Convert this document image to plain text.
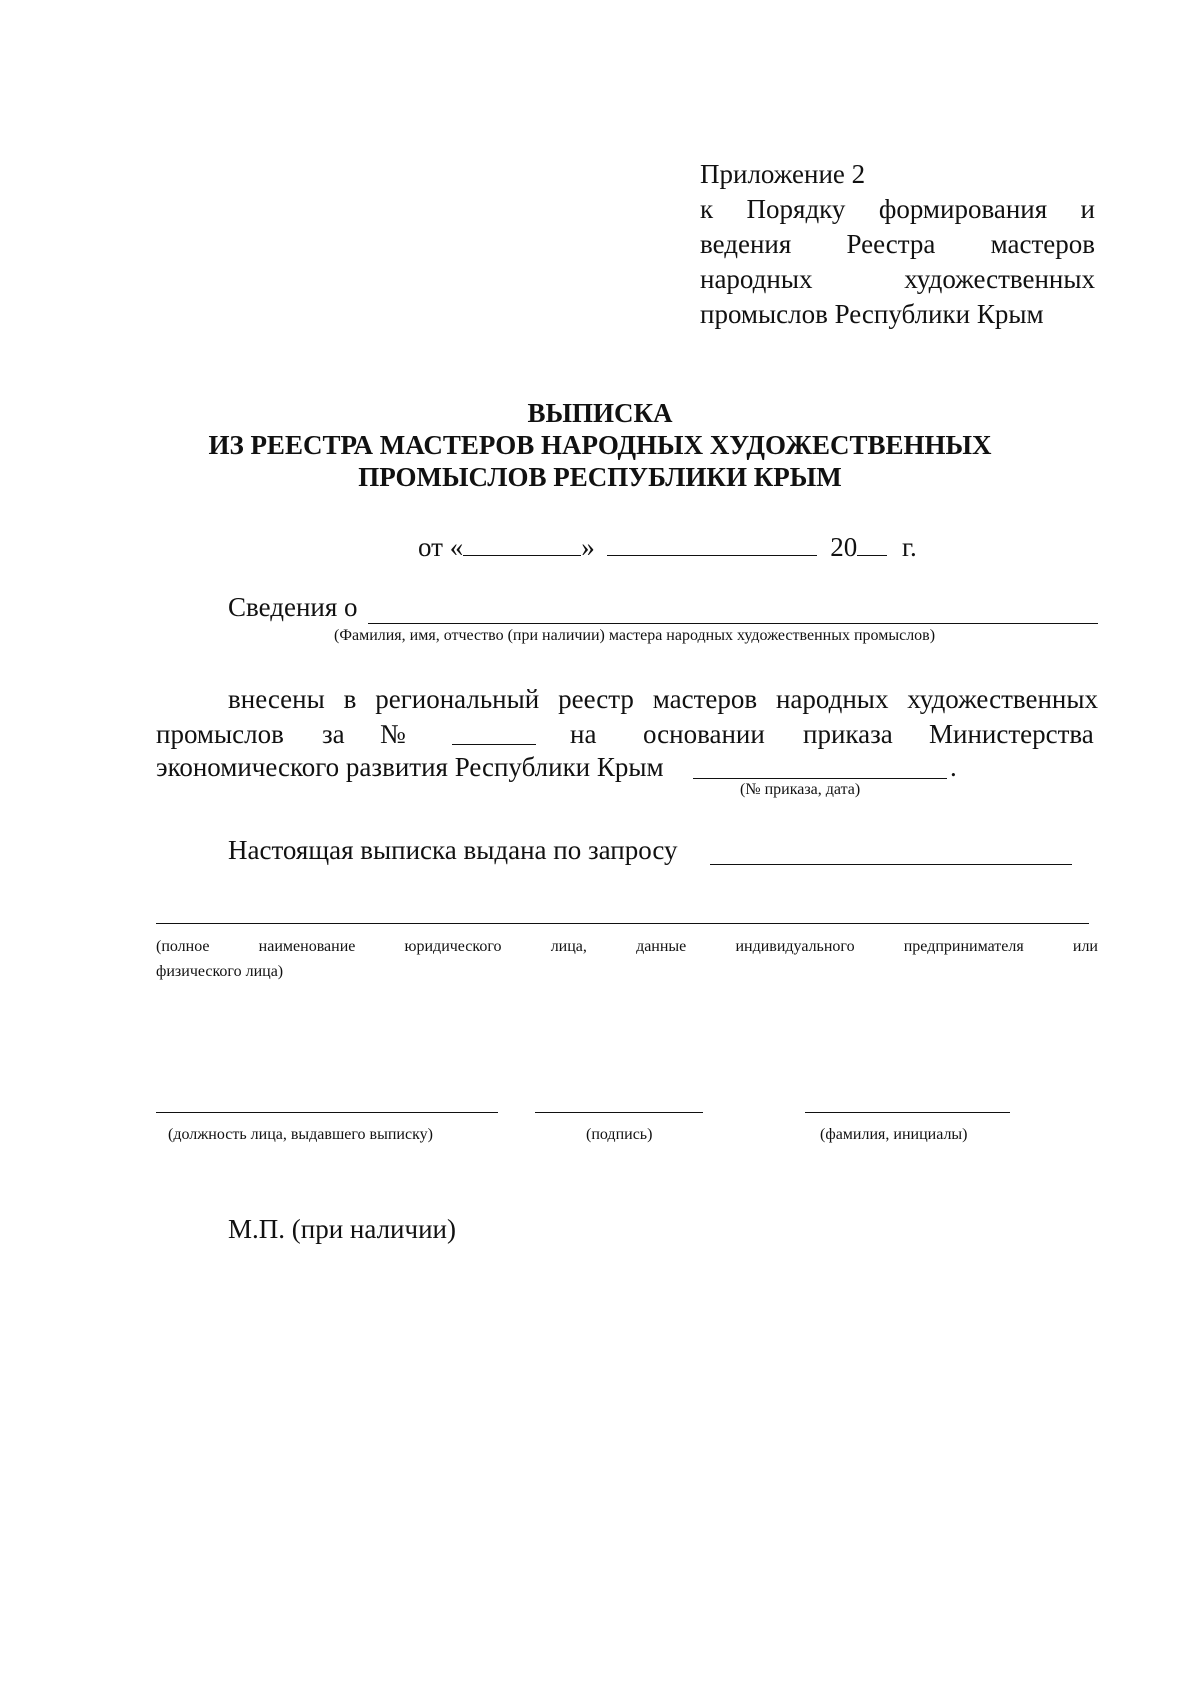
Приложение 2
к Порядку формирования и
ведения Реестра мастеров
народных художественных
промыслов Республики Крым
ВЫПИСКА
ИЗ РЕЕСТРА МАСТЕРОВ НАРОДНЫХ ХУДОЖЕСТВЕННЫХ
ПРОМЫСЛОВ РЕСПУБЛИКИ КРЫМ
от «	»	20 г.
Сведения о
(Фамилия, имя, отчество (при наличии) мастера народных художественных промыслов)
внесены в региональный реестр мастеров народных художественных
промыслов за №	на основании приказа Министерства
экономического развития Республики Крым	.
(№ приказа, дата)
Настоящая выписка выдана по запросу
(полное наименование юридического лица, данные индивидуального предпринимателя или
физического лица)
(должность лица, выдавшего выписку)	(подпись)	(фамилия, инициалы)
М.П. (при наличии)
